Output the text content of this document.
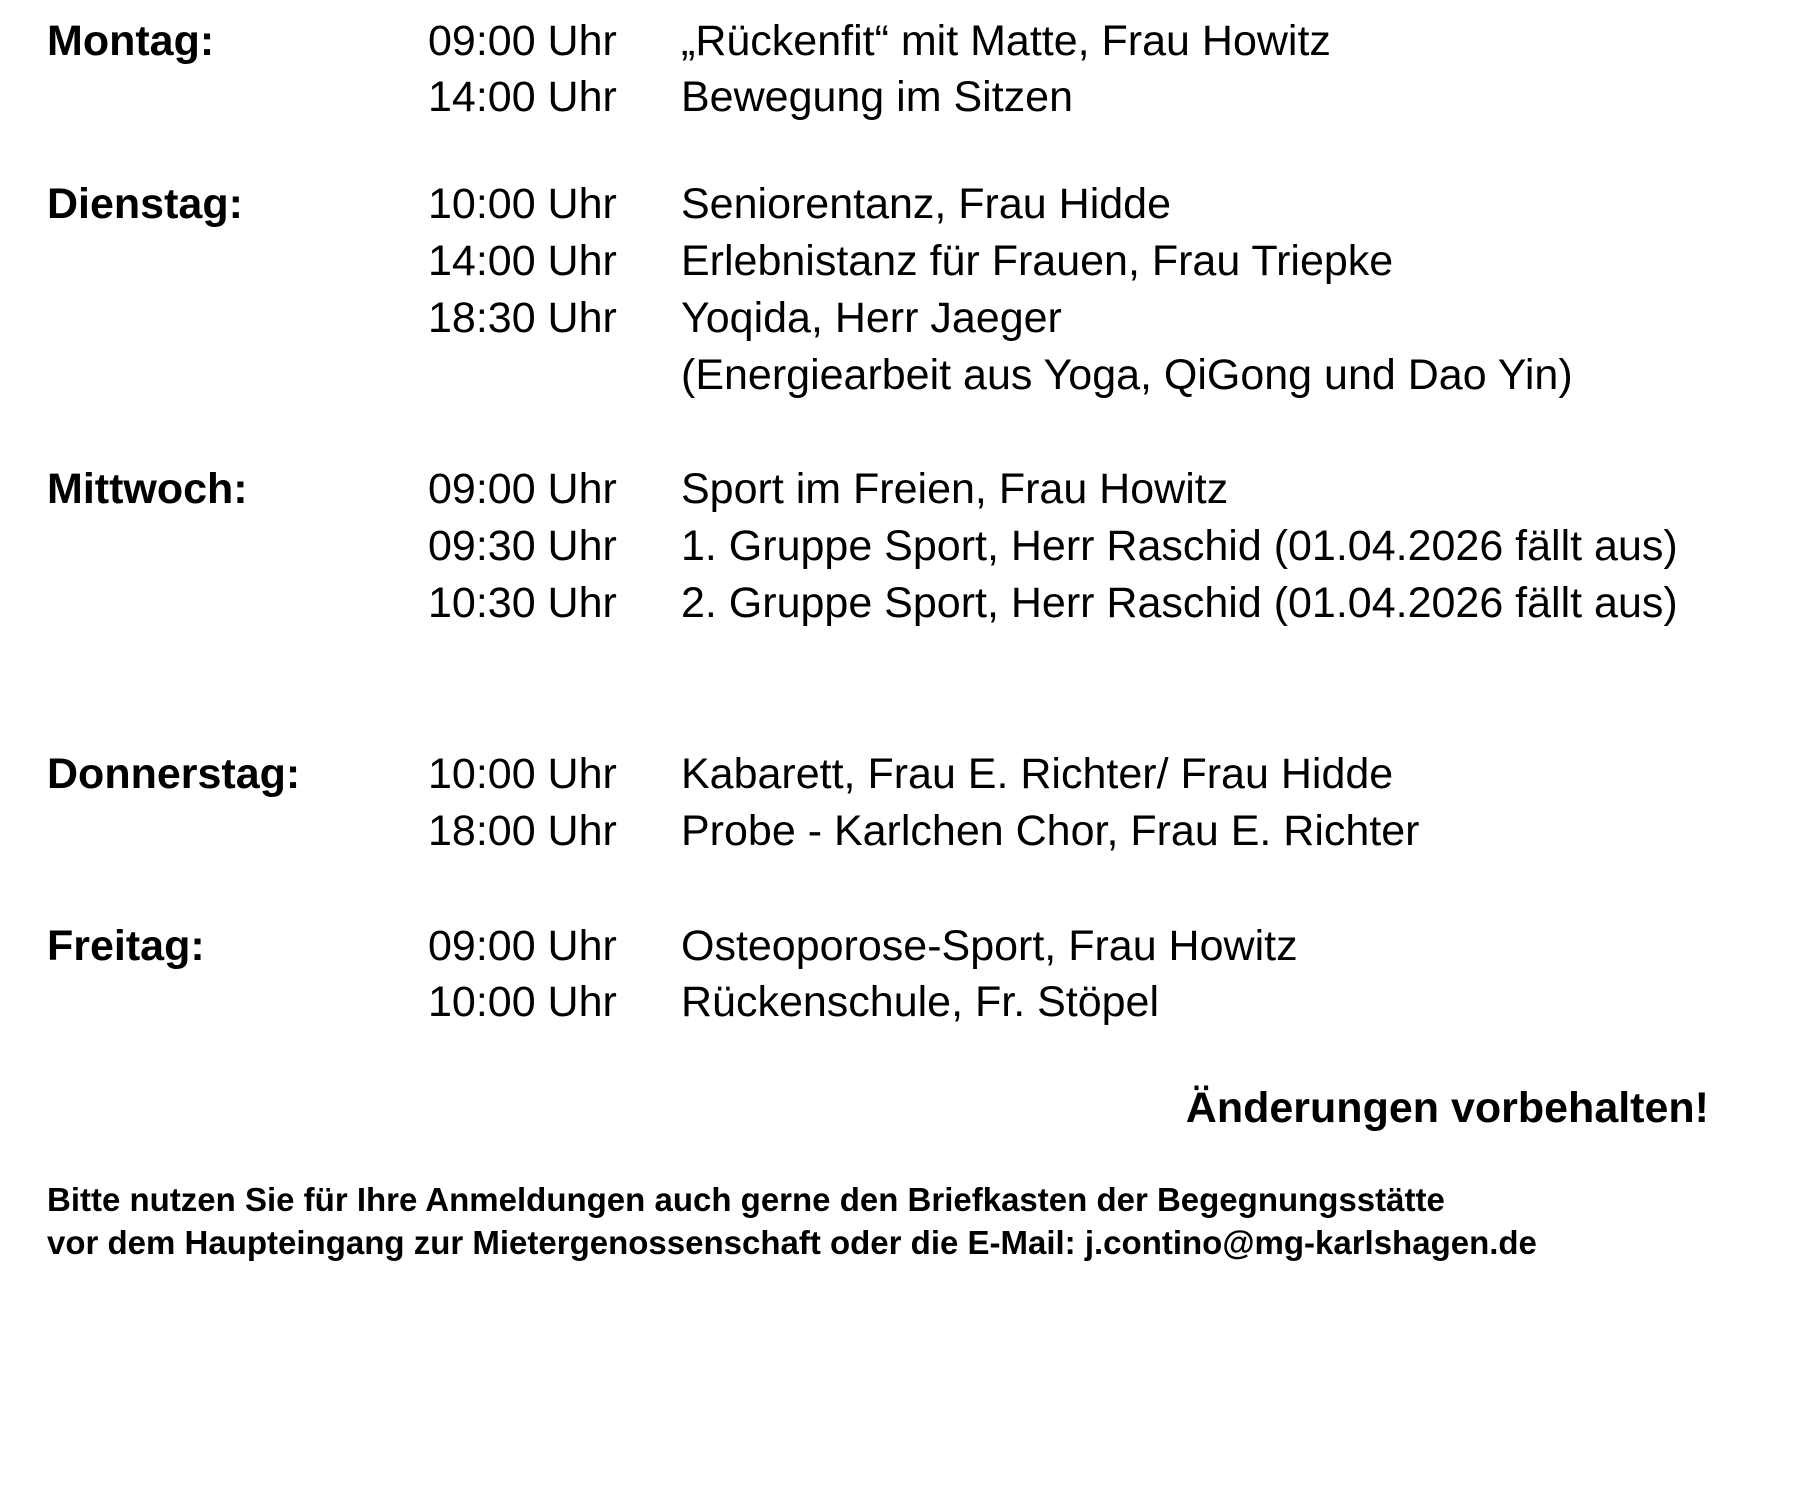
Montag:	09:00 Uhr „Rückenfit“ mit Matte, Frau Howitz
14:00 Uhr Bewegung im Sitzen
Dienstag:	10:00 Uhr Seniorentanz, Frau Hidde
14:00 Uhr Erlebnistanz für Frauen, Frau Triepke
18:30 Uhr Yoqida, Herr Jaeger
(Energiearbeit aus Yoga, QiGong und Dao Yin)
Mittwoch:	09:00 Uhr Sport im Freien, Frau Howitz
09:30 Uhr 1. Gruppe Sport, Herr Raschid (01.04.2026 fällt aus)
10:30 Uhr 2. Gruppe Sport, Herr Raschid (01.04.2026 fällt aus)
Donnerstag:	10:00 Uhr Kabarett, Frau E. Richter/ Frau Hidde
18:00 Uhr Probe - Karlchen Chor, Frau E. Richter
Freitag:	09:00 Uhr Osteoporose-Sport, Frau Howitz
10:00 Uhr Rückenschule, Fr. Stöpel
Änderungen vorbehalten!
Bitte nutzen Sie für Ihre Anmeldungen auch gerne den Briefkasten der Begegnungsstätte
vor dem Haupteingang zur Mietergenossenschaft oder die E-Mail: j.contino@mg-karlshagen.de
